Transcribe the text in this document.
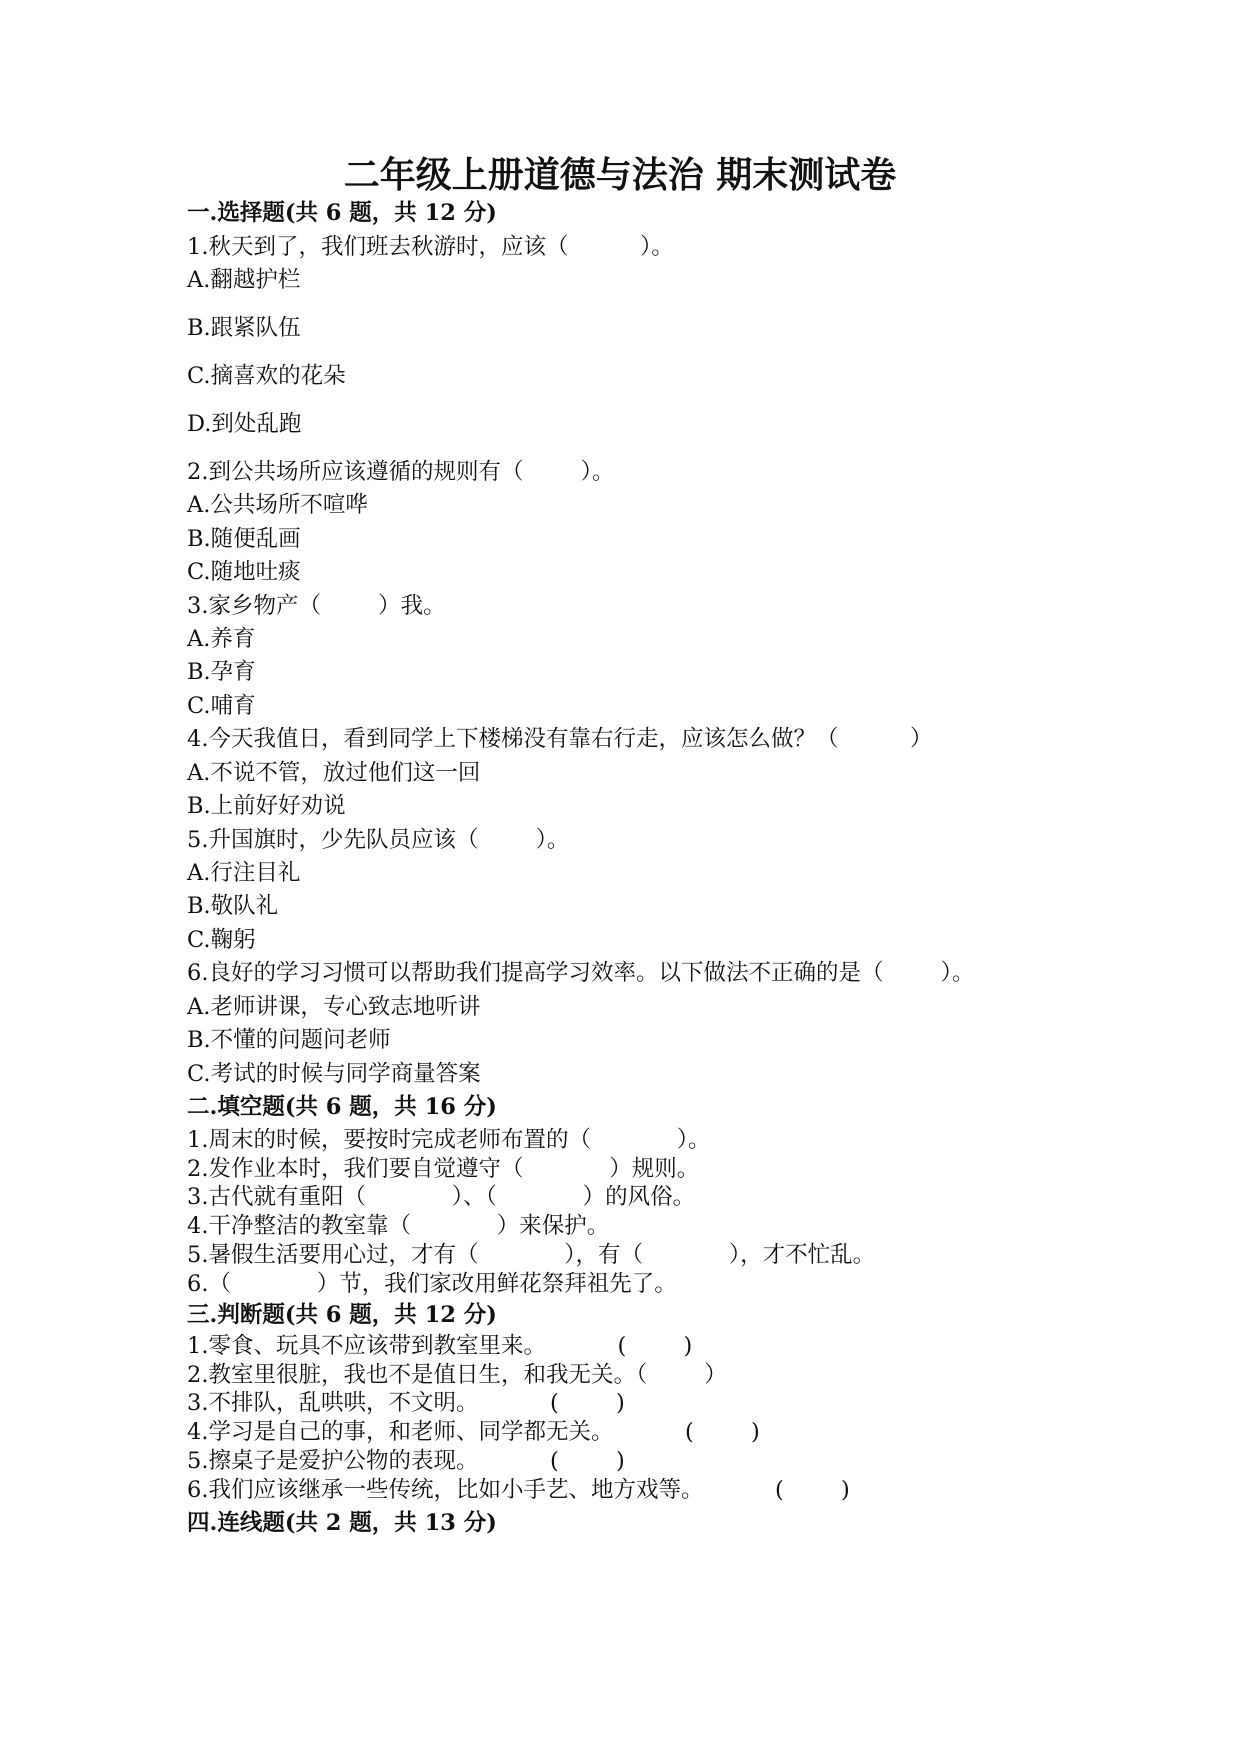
二年级上册道德与法治 期末测试卷
一.选择题(共 6 题，共 12 分)
1.秋天到了，我们班去秋游时，应该（          ）。
A.翻越护栏
B.跟紧队伍
C.摘喜欢的花朵
D.到处乱跑
2.到公共场所应该遵循的规则有（        ）。
A.公共场所不喧哗
B.随便乱画
C.随地吐痰
3.家乡物产（        ）我。
A.养育
B.孕育
C.哺育
4.今天我值日，看到同学上下楼梯没有靠右行走，应该怎么做？（          ）
A.不说不管，放过他们这一回
B.上前好好劝说
5.升国旗时，少先队员应该（        ）。
A.行注目礼
B.敬队礼
C.鞠躬
6.良好的学习习惯可以帮助我们提高学习效率。以下做法不正确的是（        ）。
A.老师讲课，专心致志地听讲
B.不懂的问题问老师
C.考试的时候与同学商量答案
二.填空题(共 6 题，共 16 分)
1.周末的时候，要按时完成老师布置的（            ）。
2.发作业本时，我们要自觉遵守（            ）规则。
3.古代就有重阳（            ）、（            ）的风俗。
4.干净整洁的教室靠（            ）来保护。
5.暑假生活要用心过，才有（            ），有（            ），才不忙乱。
6.（            ）节，我们家改用鲜花祭拜祖先了。
三.判断题(共 6 题，共 12 分)
1.零食、玩具不应该带到教室里来。          (        )
2.教室里很脏，我也不是值日生，和我无关。（        ）
3.不排队，乱哄哄，不文明。          (        )
4.学习是自己的事，和老师、同学都无关。          (        )
5.擦桌子是爱护公物的表现。          (        )
6.我们应该继承一些传统，比如小手艺、地方戏等。          (        )
四.连线题(共 2 题，共 13 分)
